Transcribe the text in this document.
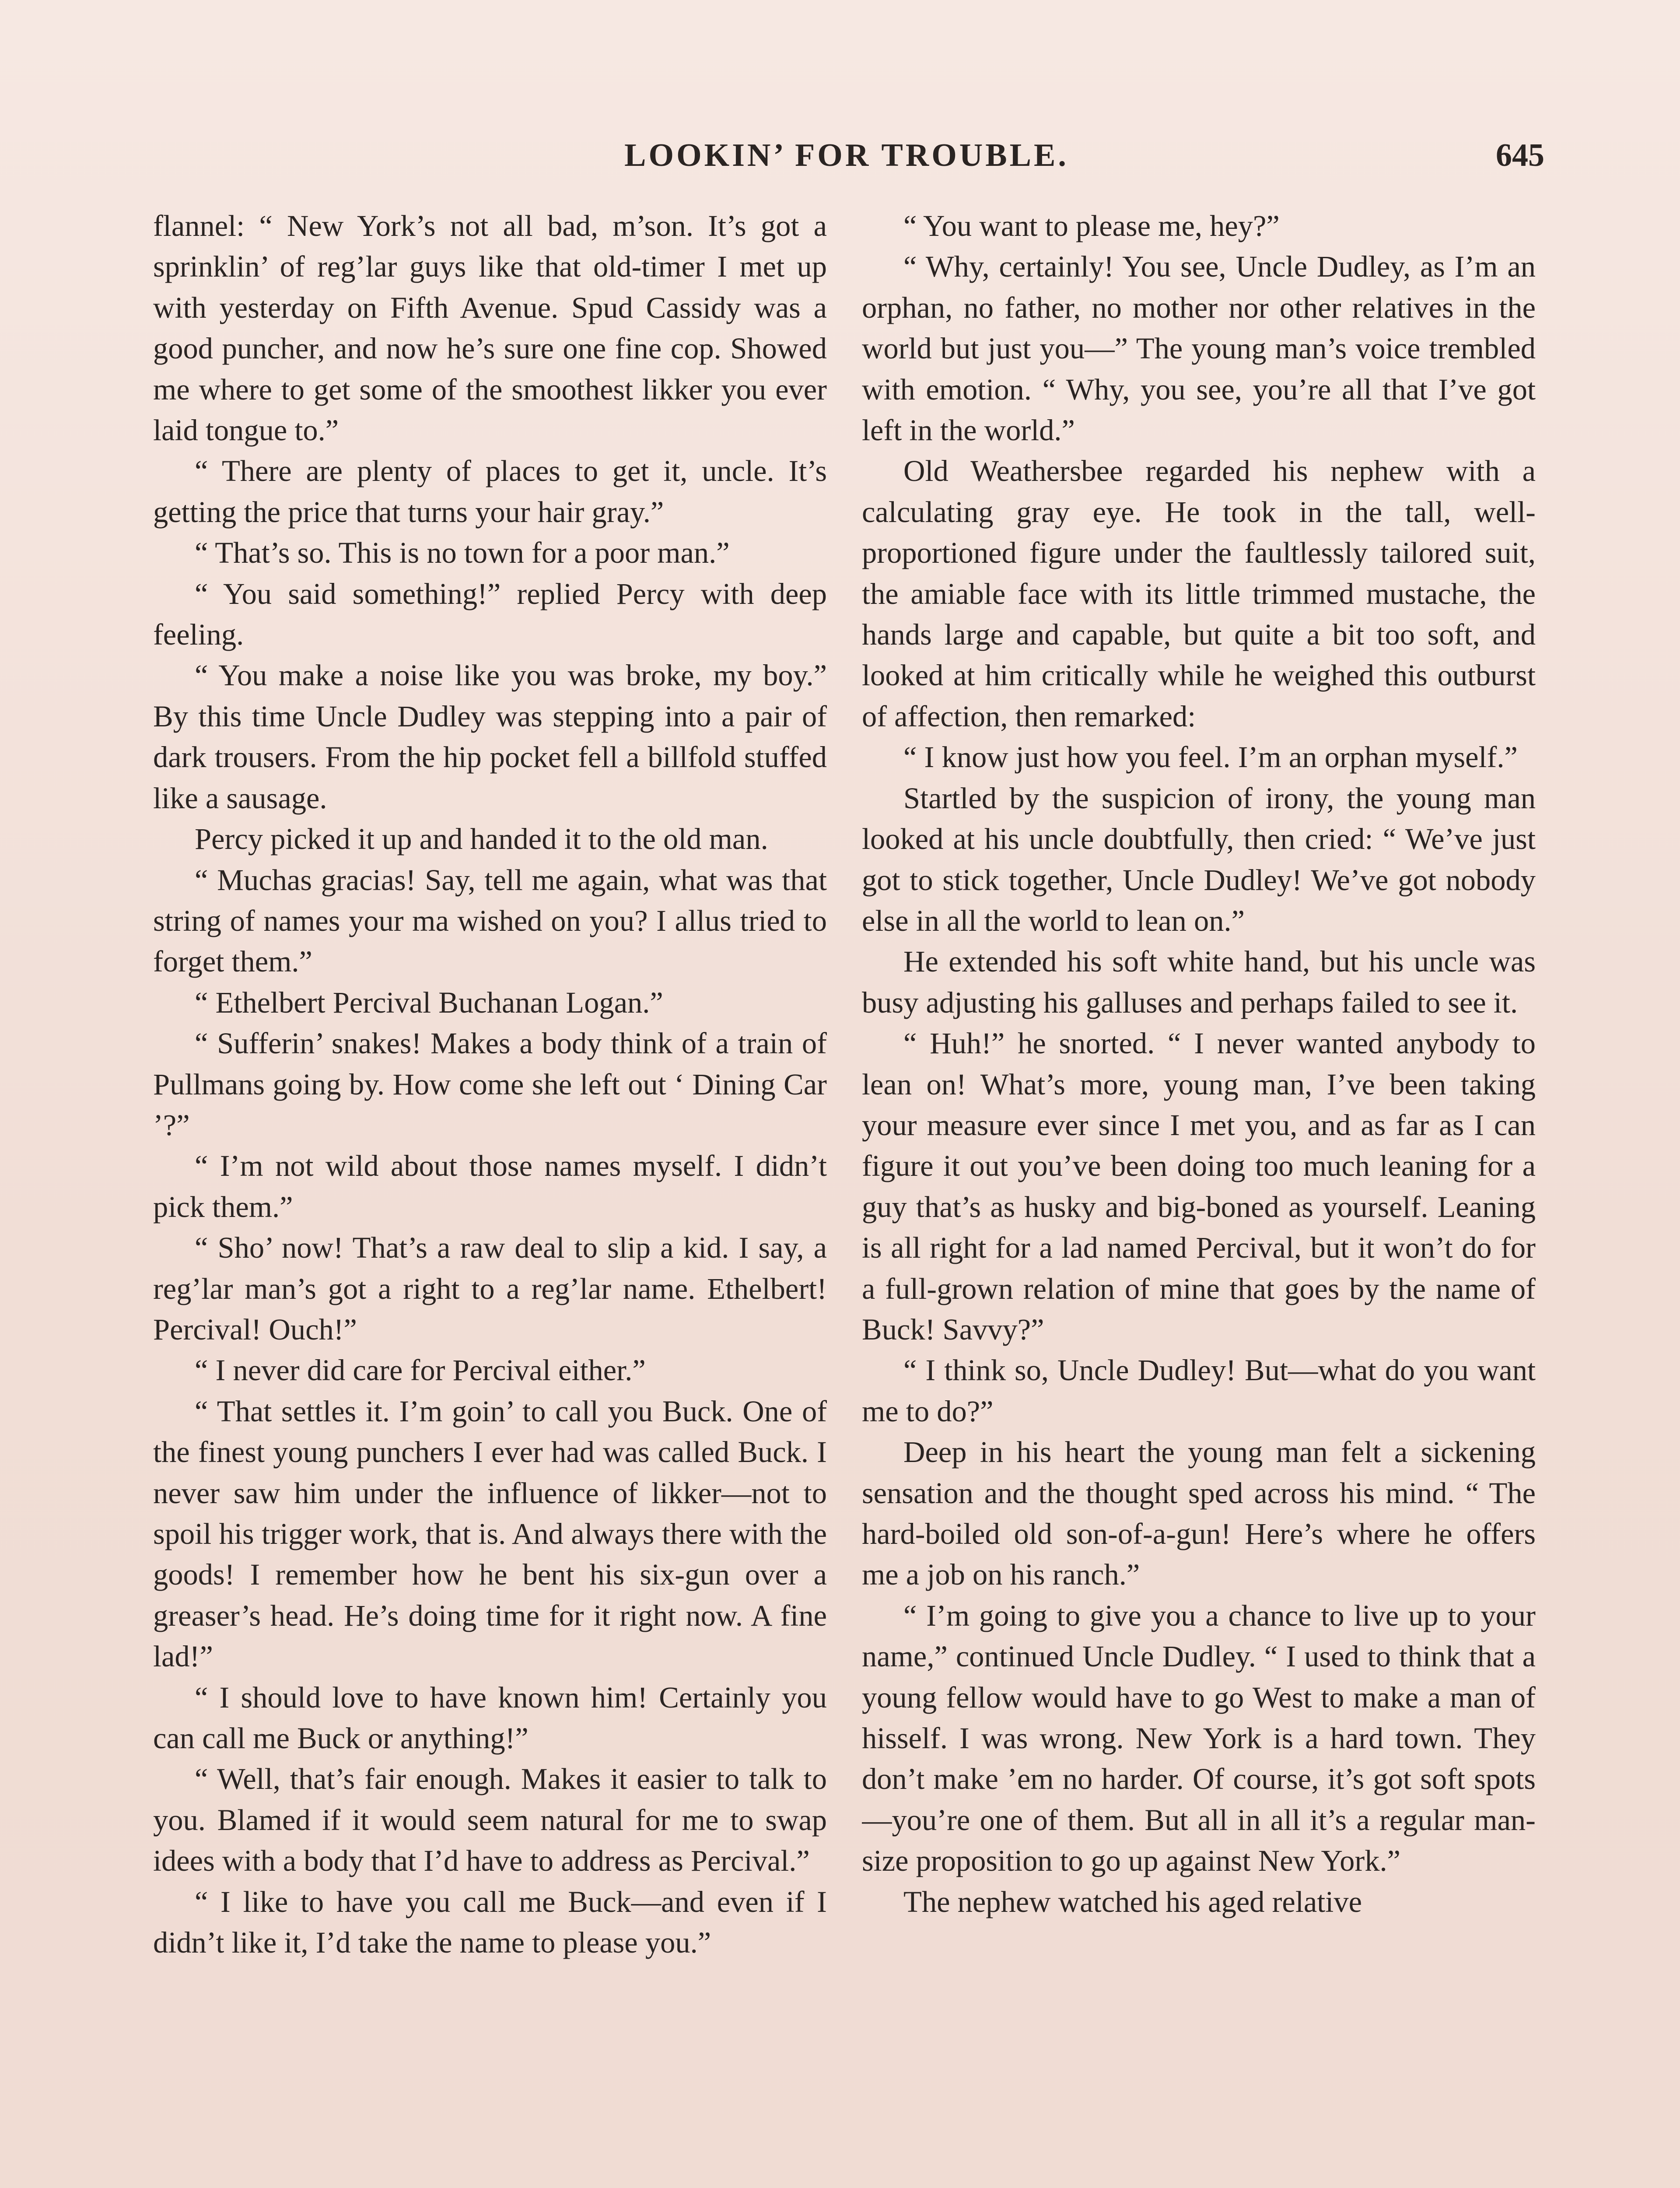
LOOKIN’ FOR TROUBLE.	645

flannel: “ New York’s not all bad, m’son. It’s got a sprinklin’ of reg’lar guys like that old-timer I met up with yesterday on Fifth Avenue. Spud Cassidy was a good puncher, and now he’s sure one fine cop. Showed me where to get some of the smoothest likker you ever laid tongue to.”

“ There are plenty of places to get it, uncle. It’s getting the price that turns your hair gray.”

“ That’s so. This is no town for a poor man.”

“ You said something!” replied Percy with deep feeling.

“ You make a noise like you was broke, my boy.” By this time Uncle Dudley was stepping into a pair of dark trousers. From the hip pocket fell a billfold stuffed like a sausage.

Percy picked it up and handed it to the old man.

“ Muchas gracias! Say, tell me again, what was that string of names your ma wished on you? I allus tried to forget them.”

“ Ethelbert Percival Buchanan Logan.”

“ Sufferin’ snakes! Makes a body think of a train of Pullmans going by. How come she left out ‘ Dining Car ’?”

“ I’m not wild about those names myself. I didn’t pick them.”

“ Sho’ now! That’s a raw deal to slip a kid. I say, a reg’lar man’s got a right to a reg’lar name. Ethelbert! Percival! Ouch!”

“ I never did care for Percival either.”

“ That settles it. I’m goin’ to call you Buck. One of the finest young punchers I ever had was called Buck. I never saw him under the influence of likker—not to spoil his trigger work, that is. And always there with the goods! I remember how he bent his six-gun over a greaser’s head. He’s doing time for it right now. A fine lad!”

“ I should love to have known him! Certainly you can call me Buck or anything!”

“ Well, that’s fair enough. Makes it easier to talk to you. Blamed if it would seem natural for me to swap idees with a body that I’d have to address as Percival.”

“ I like to have you call me Buck—and even if I didn’t like it, I’d take the name to please you.”

“ You want to please me, hey?”

“ Why, certainly! You see, Uncle Dudley, as I’m an orphan, no father, no mother nor other relatives in the world but just you—” The young man’s voice trembled with emotion. “ Why, you see, you’re all that I’ve got left in the world.”

Old Weathersbee regarded his nephew with a calculating gray eye. He took in the tall, well-proportioned figure under the faultlessly tailored suit, the amiable face with its little trimmed mustache, the hands large and capable, but quite a bit too soft, and looked at him critically while he weighed this outburst of affection, then remarked:

“ I know just how you feel. I’m an orphan myself.”

Startled by the suspicion of irony, the young man looked at his uncle doubtfully, then cried: “ We’ve just got to stick together, Uncle Dudley! We’ve got nobody else in all the world to lean on.”

He extended his soft white hand, but his uncle was busy adjusting his galluses and perhaps failed to see it.

“ Huh!” he snorted. “ I never wanted anybody to lean on! What’s more, young man, I’ve been taking your measure ever since I met you, and as far as I can figure it out you’ve been doing too much leaning for a guy that’s as husky and big-boned as yourself. Leaning is all right for a lad named Percival, but it won’t do for a full-grown relation of mine that goes by the name of Buck! Savvy?”

“ I think so, Uncle Dudley! But—what do you want me to do?”

Deep in his heart the young man felt a sickening sensation and the thought sped across his mind. “ The hard-boiled old son-of-a-gun! Here’s where he offers me a job on his ranch.”

“ I’m going to give you a chance to live up to your name,” continued Uncle Dudley. “ I used to think that a young fellow would have to go West to make a man of hisself. I was wrong. New York is a hard town. They don’t make ’em no harder. Of course, it’s got soft spots—you’re one of them. But all in all it’s a regular man-size proposition to go up against New York.”

The nephew watched his aged relative
